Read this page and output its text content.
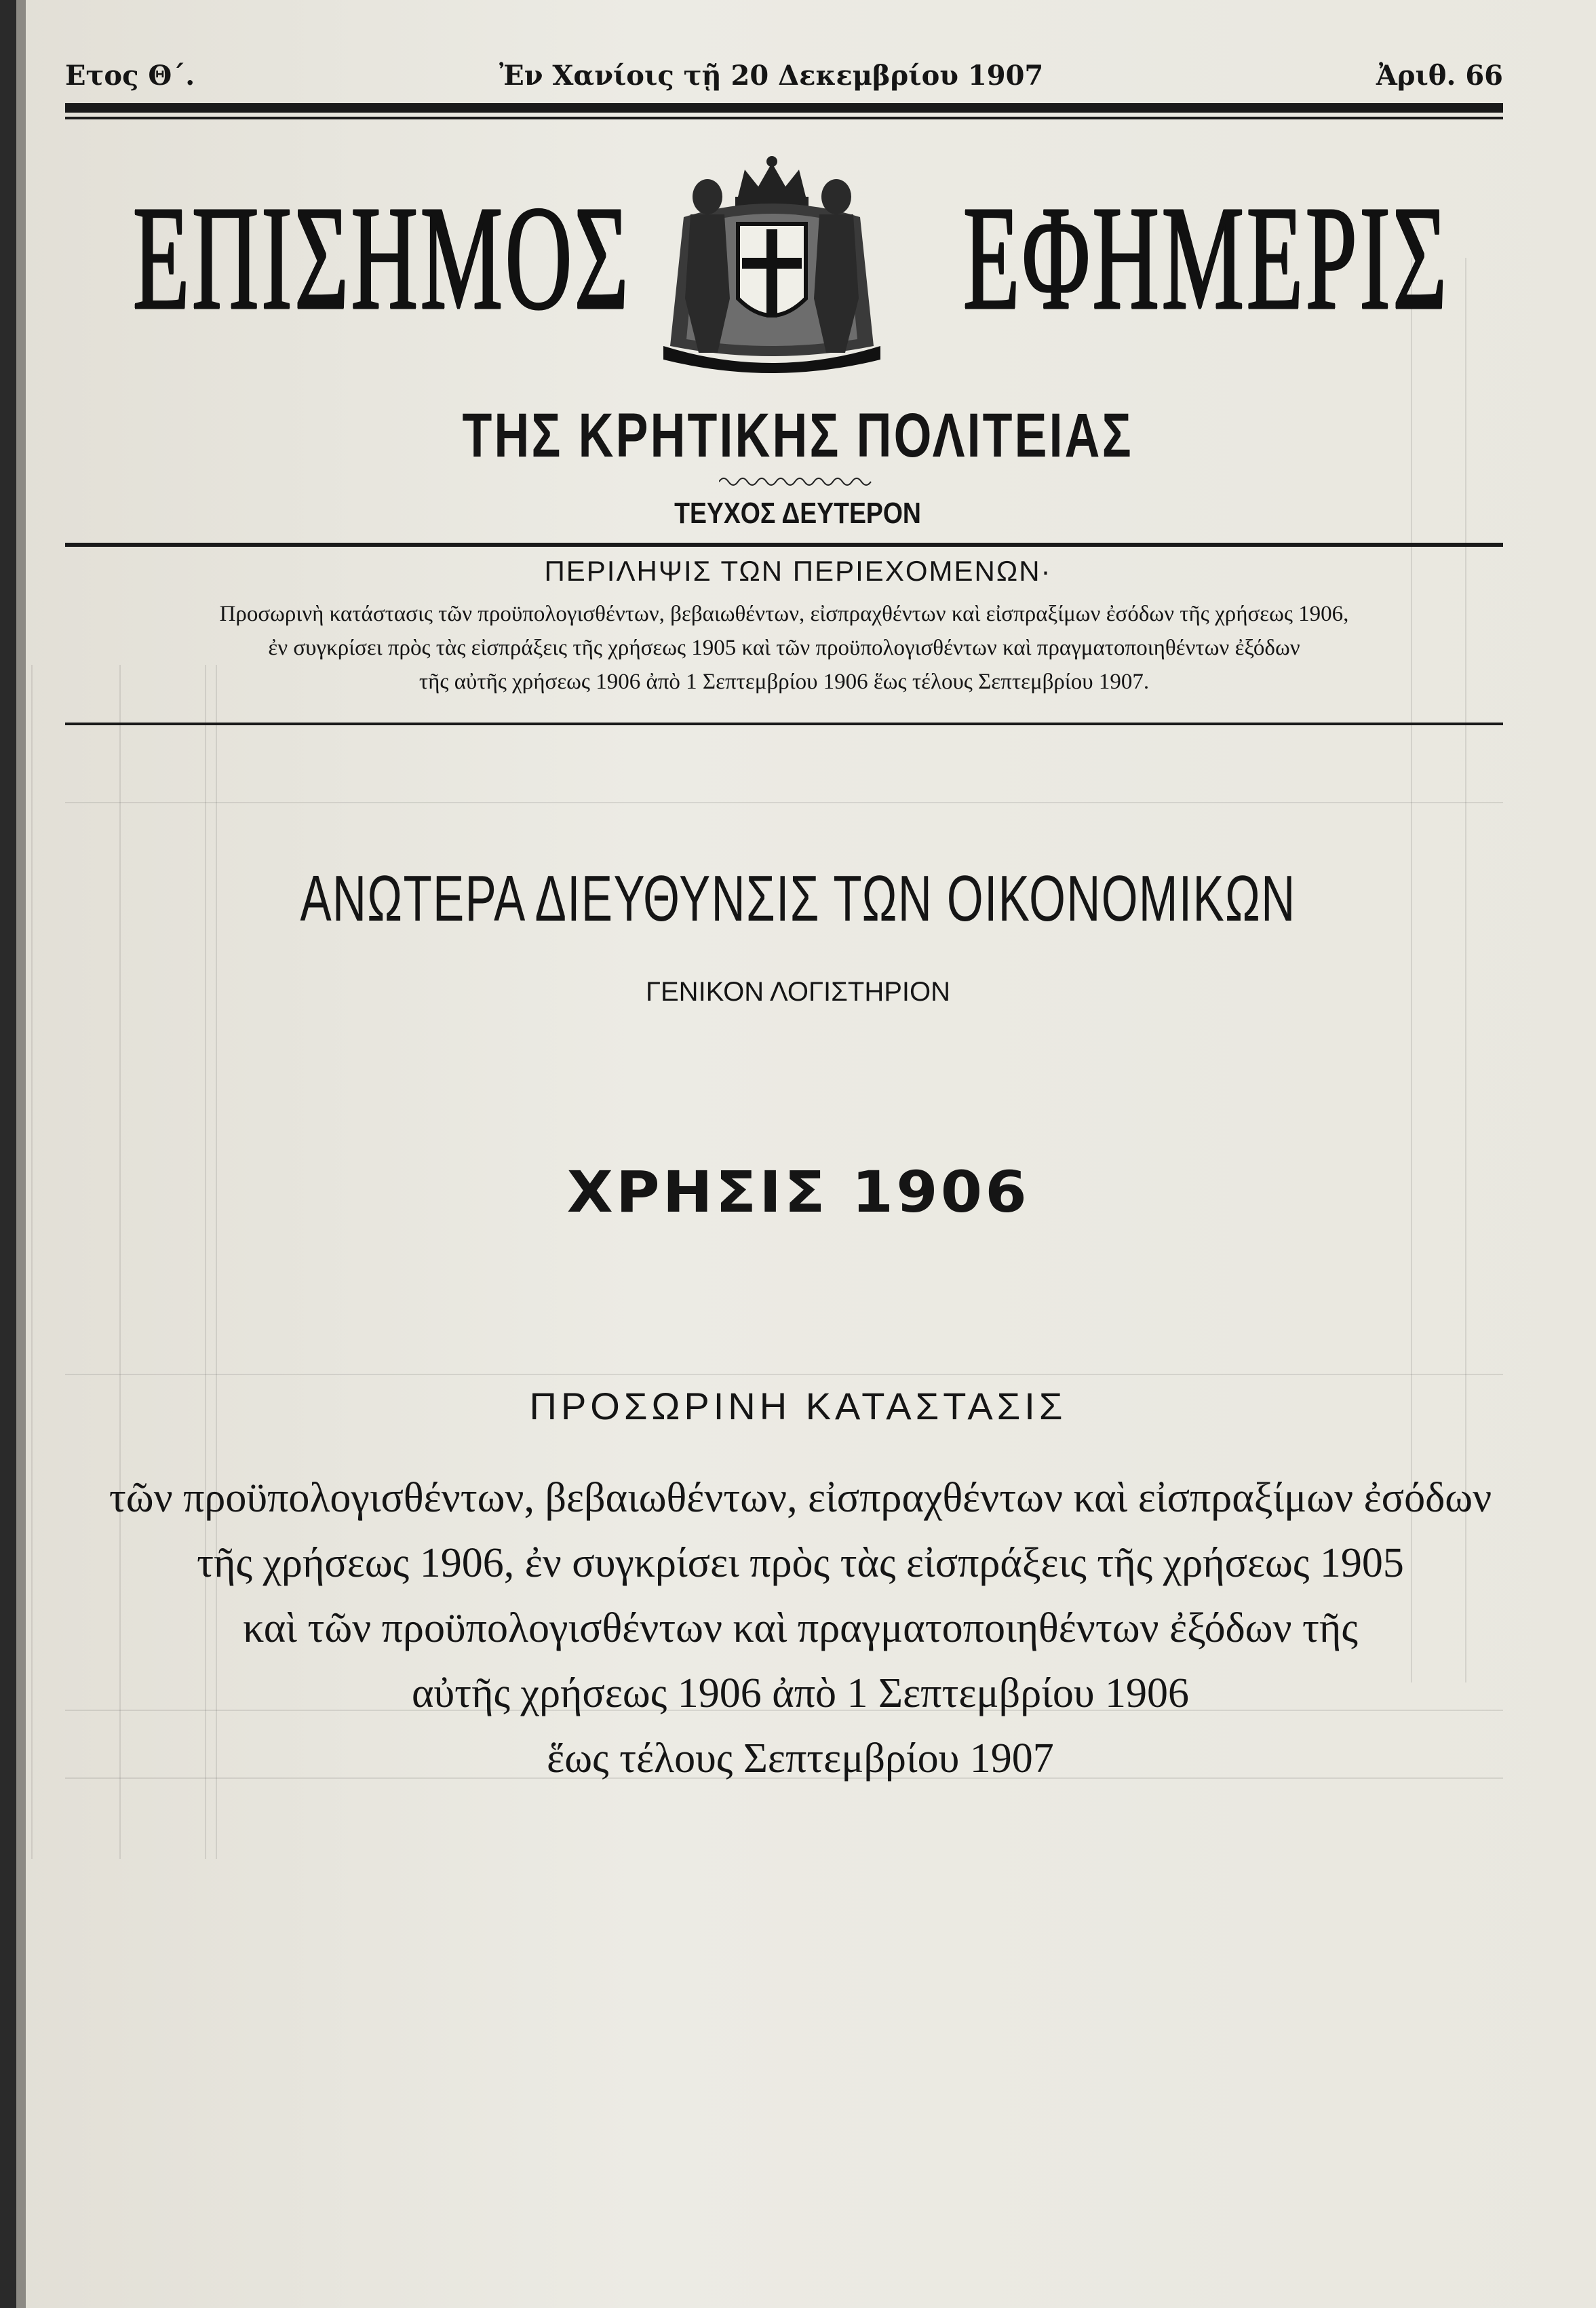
Ετος Θ΄.	Ἐν Χανίοις τῇ 20 Δεκεμβρίου 1907	Ἀριθ. 66
ΕΠΙΣΗΜΟΣ ΕΦΗΜΕΡΙΣ
ΤΗΣ ΚΡΗΤΙΚΗΣ ΠΟΛΙΤΕΙΑΣ
ΤΕΥΧΟΣ ΔΕΥΤΕΡΟΝ
ΠΕΡΙΛΗΨΙΣ ΤΩΝ ΠΕΡΙΕΧΟΜΕΝΩΝ·

Προσωρινὴ κατάστασις τῶν προϋπολογισθέντων, βεβαιωθέντων, εἰσπραχθέντων καὶ εἰσπραξίμων ἐσόδων τῆς χρήσεως 1906,

ἐν συγκρίσει πρὸς τὰς εἰσπράξεις τῆς χρήσεως 1905 καὶ τῶν προϋπολογισθέντων καὶ πραγματοποιηθέντων ἐξόδων

τῆς αὐτῆς χρήσεως 1906 ἀπὸ 1 Σεπτεμβρίου 1906 ἕως τέλους Σεπτεμβρίου 1907.

ΑΝΩΤΕΡΑ ΔΙΕΥΘΥΝΣΙΣ ΤΩΝ ΟΙΚΟΝΟΜΙΚΩΝ
ΓΕΝΙΚΟΝ ΛΟΓΙΣΤΗΡΙΟΝ
ΧΡΗΣΙΣ 1906
ΠΡΟΣΩΡΙΝΗ ΚΑΤΑΣΤΑΣΙΣ

τῶν προϋπολογισθέντων, βεβαιωθέντων, εἰσπραχθέντων καὶ εἰσπραξίμων ἐσόδων

τῆς χρήσεως 1906, ἐν συγκρίσει πρὸς τὰς εἰσπράξεις τῆς χρήσεως 1905

καὶ τῶν προϋπολογισθέντων καὶ πραγματοποιηθέντων ἐξόδων τῆς

αὐτῆς χρήσεως 1906 ἀπὸ 1 Σεπτεμβρίου 1906

ἕως τέλους Σεπτεμβρίου 1907
